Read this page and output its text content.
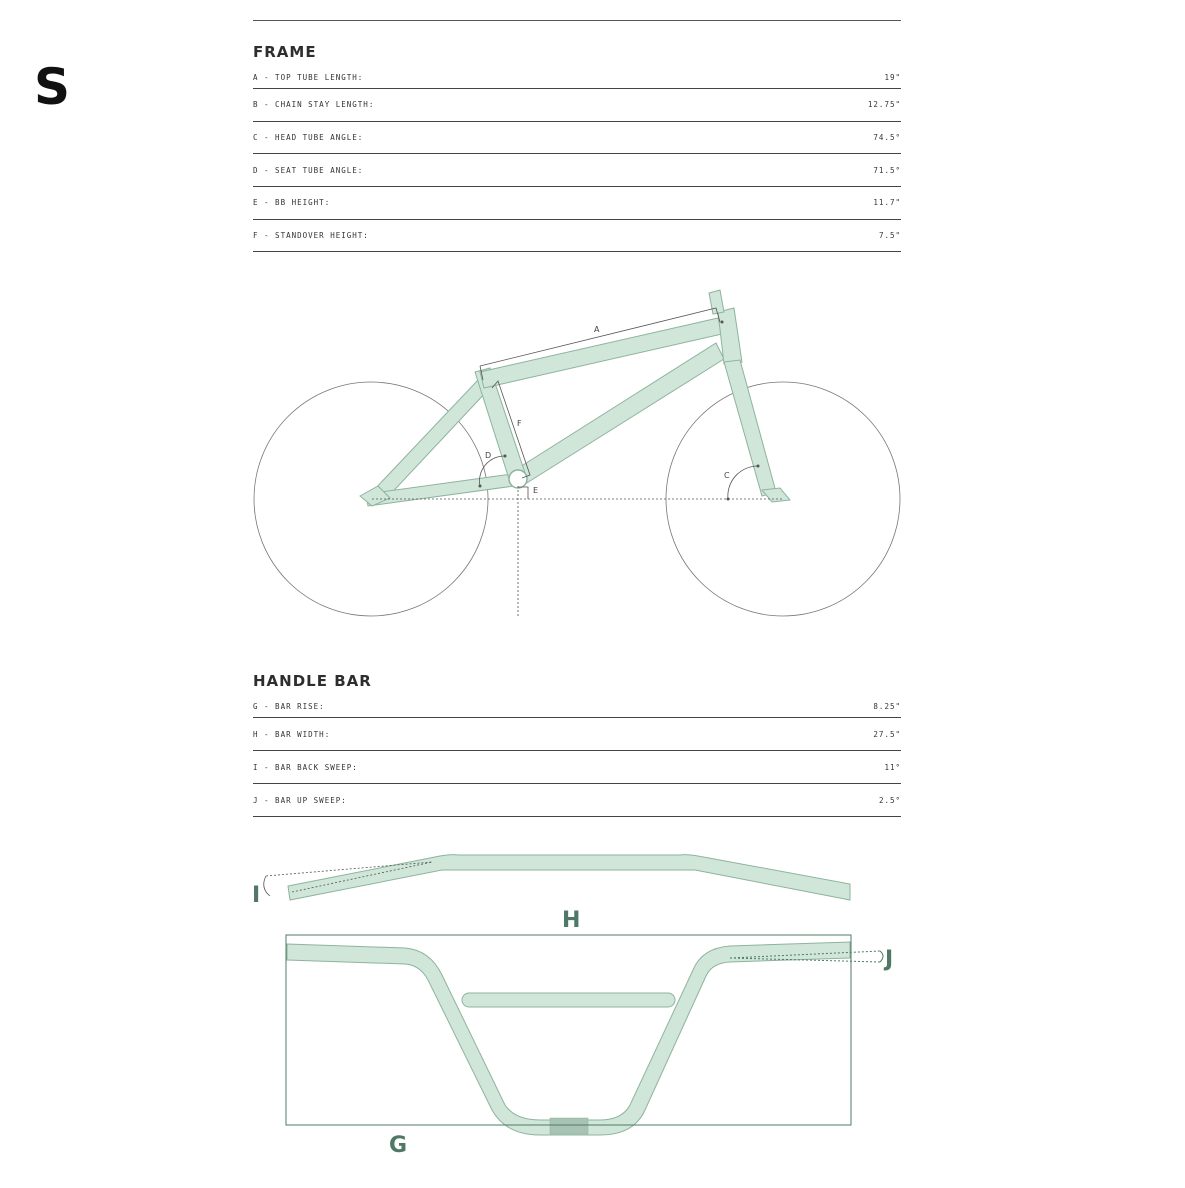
S
FRAME
A - TOP TUBE LENGTH:	19"
B - CHAIN STAY LENGTH:	12.75"
C - HEAD TUBE ANGLE:	74.5°
D - SEAT TUBE ANGLE:	71.5°
E - BB HEIGHT:	11.7"
F - STANDOVER HEIGHT:	7.5"
HANDLE BAR
G - BAR RISE:	8.25"
H - BAR WIDTH:	27.5"
I - BAR BACK SWEEP:	11°
J - BAR UP SWEEP:	2.5°
A
C
D
E
F
H
I
J
G
